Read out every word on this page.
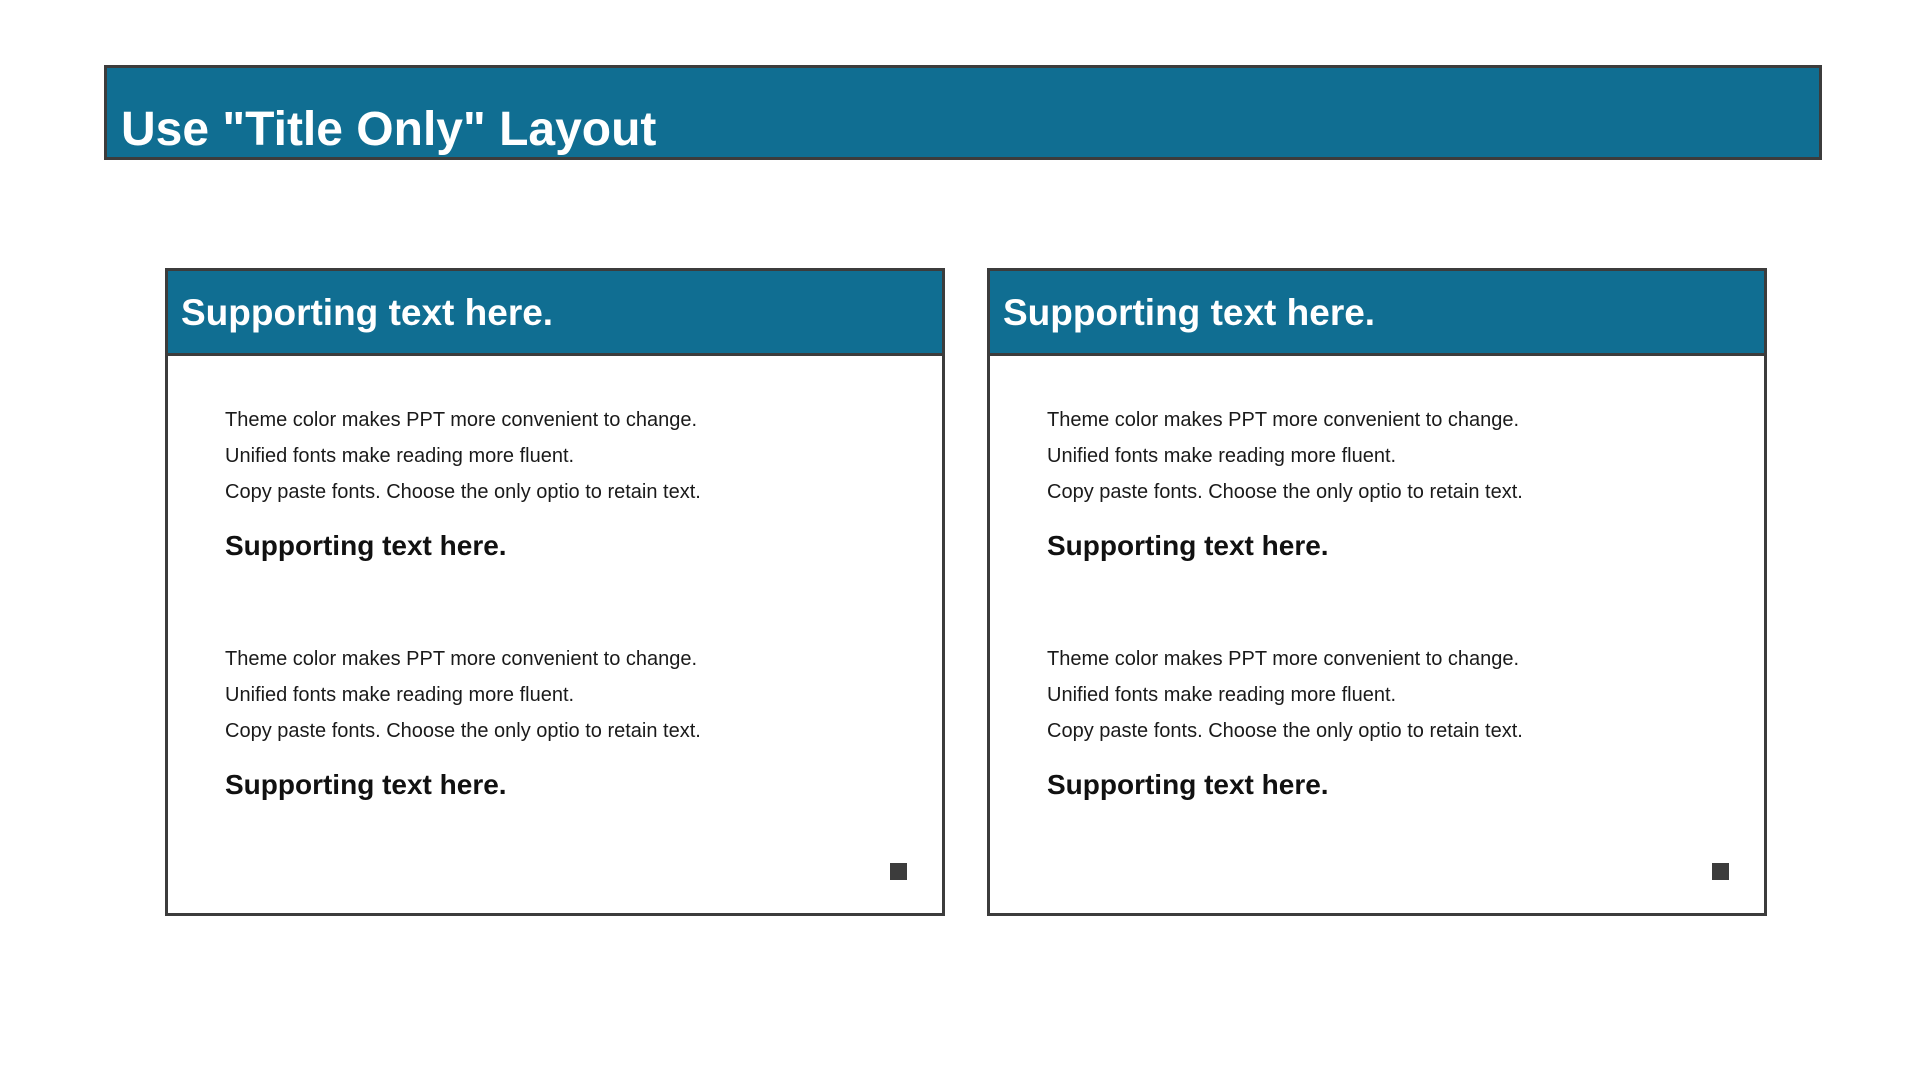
Use "Title Only" Layout
Supporting text here.
Theme color makes PPT more convenient to change.
Unified fonts make reading more fluent.
Copy paste fonts. Choose the only optio to retain text.
Supporting text here.
Theme color makes PPT more convenient to change.
Unified fonts make reading more fluent.
Copy paste fonts. Choose the only optio to retain text.
Supporting text here.
Supporting text here.
Theme color makes PPT more convenient to change.
Unified fonts make reading more fluent.
Copy paste fonts. Choose the only optio to retain text.
Supporting text here.
Theme color makes PPT more convenient to change.
Unified fonts make reading more fluent.
Copy paste fonts. Choose the only optio to retain text.
Supporting text here.
